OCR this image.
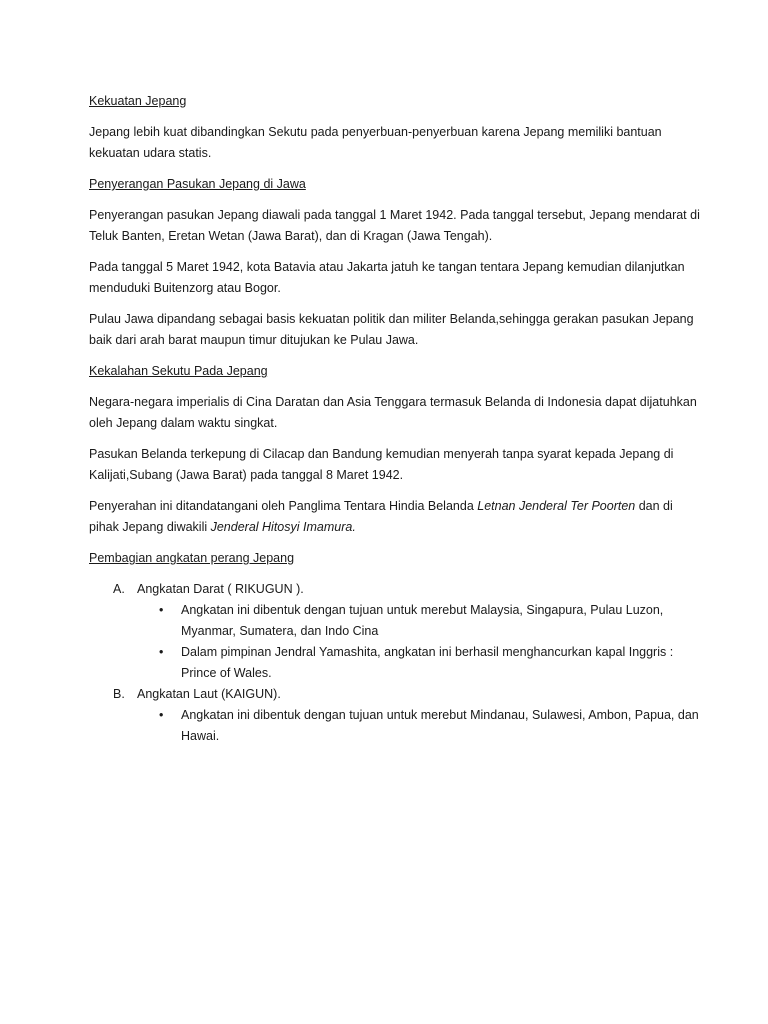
Kekuatan Jepang
Jepang lebih kuat dibandingkan Sekutu pada penyerbuan-penyerbuan karena Jepang memiliki bantuan kekuatan udara statis.
Penyerangan Pasukan Jepang di Jawa
Penyerangan pasukan Jepang diawali pada tanggal 1 Maret 1942. Pada tanggal tersebut, Jepang mendarat di Teluk Banten, Eretan Wetan (Jawa Barat), dan di Kragan (Jawa Tengah).
Pada tanggal 5 Maret 1942, kota Batavia atau Jakarta jatuh ke tangan tentara Jepang kemudian dilanjutkan menduduki Buitenzorg atau Bogor.
Pulau Jawa dipandang sebagai basis kekuatan politik dan militer Belanda,sehingga gerakan pasukan Jepang baik dari arah barat maupun timur ditujukan ke Pulau Jawa.
Kekalahan Sekutu Pada Jepang
Negara-negara imperialis di Cina Daratan dan Asia Tenggara termasuk Belanda di Indonesia dapat dijatuhkan oleh Jepang dalam waktu singkat.
Pasukan Belanda terkepung di Cilacap dan Bandung kemudian menyerah tanpa syarat kepada Jepang di Kalijati,Subang (Jawa Barat) pada tanggal 8 Maret 1942.
Penyerahan ini ditandatangani oleh Panglima Tentara Hindia Belanda Letnan Jenderal Ter Poorten dan di pihak Jepang diwakili Jenderal Hitosyi Imamura.
Pembagian angkatan perang Jepang
A. Angkatan Darat ( RIKUGUN ).
• Angkatan ini dibentuk dengan tujuan untuk merebut Malaysia, Singapura, Pulau Luzon, Myanmar, Sumatera, dan Indo Cina
• Dalam pimpinan Jendral Yamashita, angkatan ini berhasil menghancurkan kapal Inggris : Prince of Wales.
B. Angkatan Laut (KAIGUN).
• Angkatan ini dibentuk dengan tujuan untuk merebut Mindanau, Sulawesi, Ambon, Papua, dan Hawai.
